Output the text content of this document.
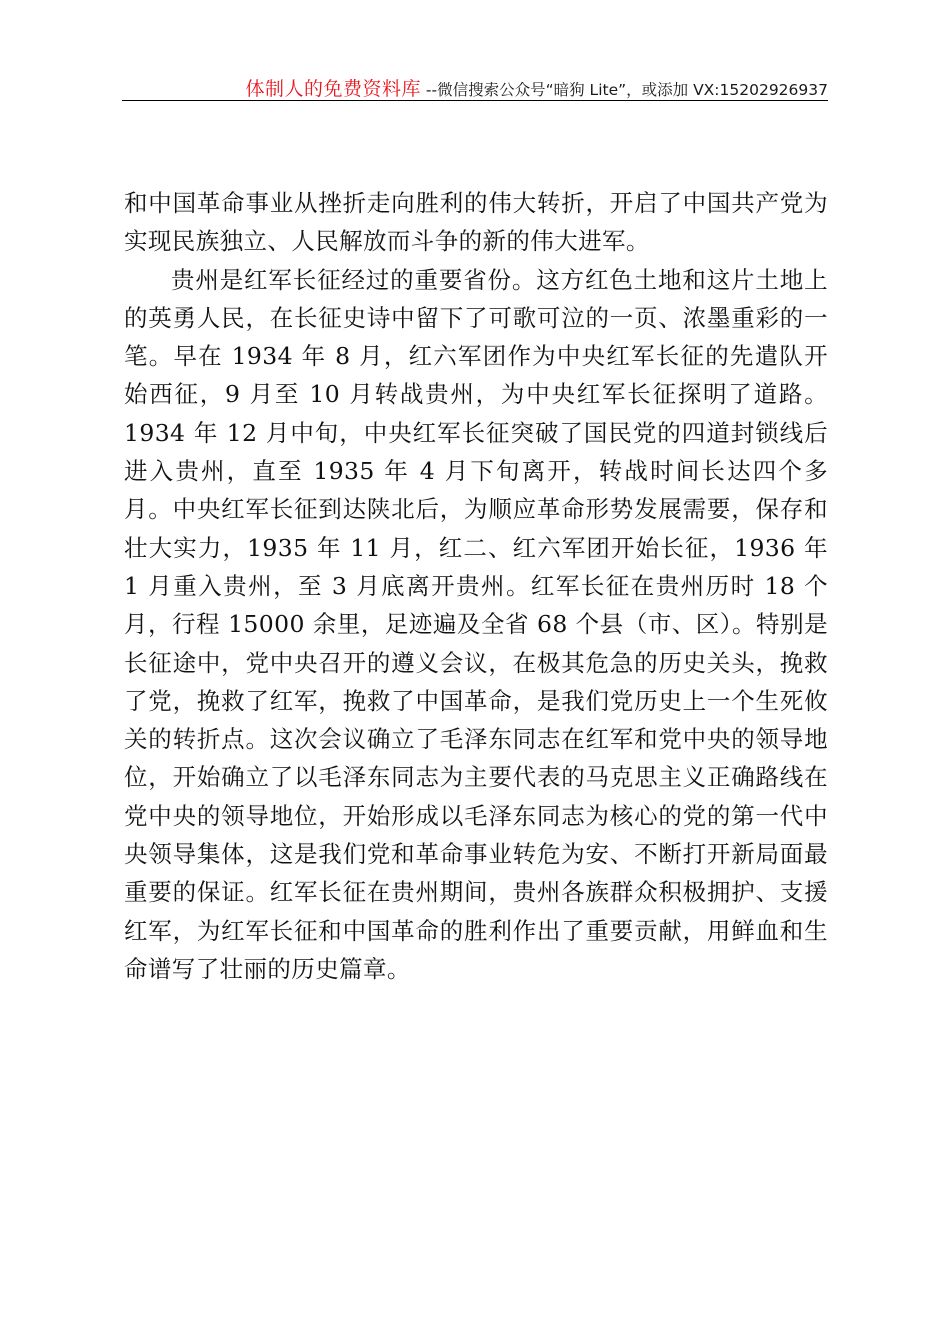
体制人的免费资料库 --微信搜索公众号“暗狗 Lite”，或添加 VX:15202926937

和中国革命事业从挫折走向胜利的伟大转折，开启了中国共产党为实现民族独立、人民解放而斗争的新的伟大进军。

贵州是红军长征经过的重要省份。这方红色土地和这片土地上的英勇人民，在长征史诗中留下了可歌可泣的一页、浓墨重彩的一笔。早在 1934 年 8 月，红六军团作为中央红军长征的先遣队开始西征，9 月至 10 月转战贵州，为中央红军长征探明了道路。1934 年 12 月中旬，中央红军长征突破了国民党的四道封锁线后进入贵州，直至 1935 年 4 月下旬离开，转战时间长达四个多月。中央红军长征到达陕北后，为顺应革命形势发展需要，保存和壮大实力，1935 年 11 月，红二、红六军团开始长征，1936 年 1 月重入贵州，至 3 月底离开贵州。红军长征在贵州历时 18 个月，行程 15000 余里，足迹遍及全省 68 个县（市、区）。特别是长征途中，党中央召开的遵义会议，在极其危急的历史关头，挽救了党，挽救了红军，挽救了中国革命，是我们党历史上一个生死攸关的转折点。这次会议确立了毛泽东同志在红军和党中央的领导地位，开始确立了以毛泽东同志为主要代表的马克思主义正确路线在党中央的领导地位，开始形成以毛泽东同志为核心的党的第一代中央领导集体，这是我们党和革命事业转危为安、不断打开新局面最重要的保证。红军长征在贵州期间，贵州各族群众积极拥护、支援红军，为红军长征和中国革命的胜利作出了重要贡献，用鲜血和生命谱写了壮丽的历史篇章。
